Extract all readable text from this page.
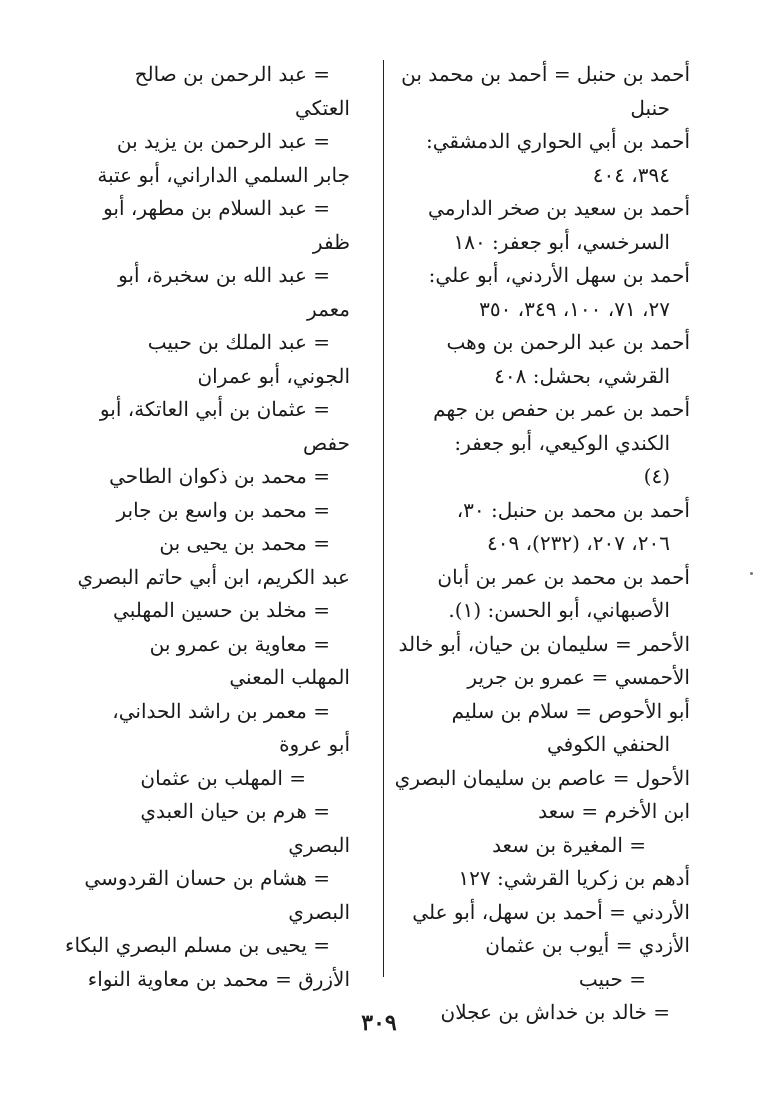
أحمد بن حنبل = أحمد بن محمد بن
حنبل
أحمد بن أبي الحواري الدمشقي:
٣٩٤، ٤٠٤
أحمد بن سعيد بن صخر الدارمي
السرخسي، أبو جعفر: ١٨٠
أحمد بن سهل الأردني، أبو علي:
٢٧، ٧١، ١٠٠، ٣٤٩، ٣٥٠
أحمد بن عبد الرحمن بن وهب
القرشي، بحشل: ٤٠٨
أحمد بن عمر بن حفص بن جهم
الكندي الوكيعي، أبو جعفر:
(٤)
أحمد بن محمد بن حنبل: ٣٠،
٢٠٦، ٢٠٧، (٢٣٢)، ٤٠٩
أحمد بن محمد بن عمر بن أبان
الأصبهاني، أبو الحسن: (١).
الأحمر = سليمان بن حيان، أبو خالد
الأحمسي = عمرو بن جرير
أبو الأحوص = سلام بن سليم
الحنفي الكوفي
الأحول = عاصم بن سليمان البصري
ابن الأخرم = سعد
= المغيرة بن سعد
أدهم بن زكريا القرشي: ١٢٧
الأردني = أحمد بن سهل، أبو علي
الأزدي = أيوب بن عثمان
= حبيب
= خالد بن خداش بن عجلان
= عبد الرحمن بن صالح
العتكي
= عبد الرحمن بن يزيد بن
جابر السلمي الداراني، أبو عتبة
= عبد السلام بن مطهر، أبو
ظفر
= عبد الله بن سخبرة، أبو
معمر
= عبد الملك بن حبيب
الجوني، أبو عمران
= عثمان بن أبي العاتكة، أبو
حفص
= محمد بن ذكوان الطاحي
= محمد بن واسع بن جابر
= محمد بن يحيى بن
عبد الكريم، ابن أبي حاتم البصري
= مخلد بن حسين المهلبي
= معاوية بن عمرو بن
المهلب المعني
= معمر بن راشد الحداني،
أبو عروة
= المهلب بن عثمان
= هرم بن حيان العبدي
البصري
= هشام بن حسان القردوسي
البصري
= يحيى بن مسلم البصري البكاء
الأزرق = محمد بن معاوية النواء
٣٠٩
